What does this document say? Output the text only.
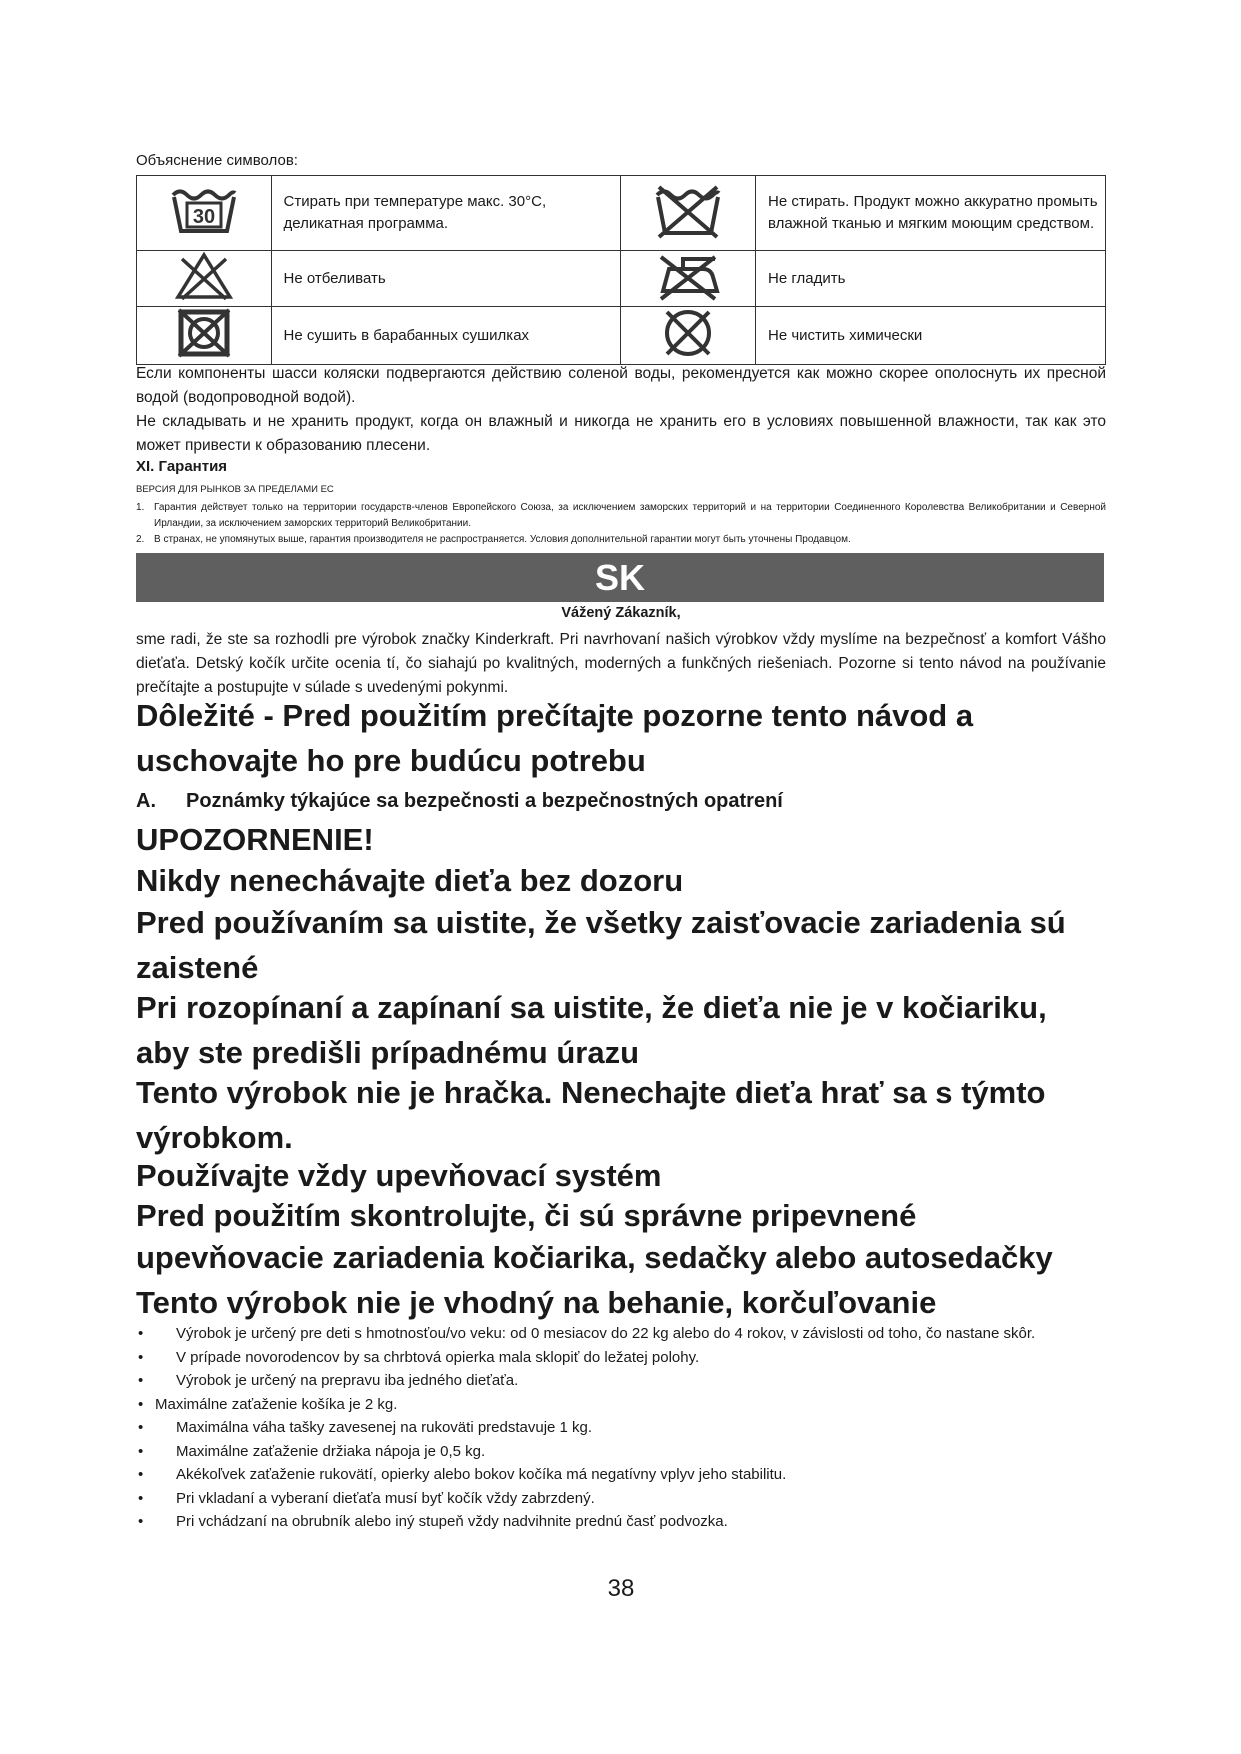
Объяснение символов:
30	Стирать при температуре макс. 30°C, деликатная программа.		Не стирать. Продукт можно аккуратно промыть влажной тканью и мягким моющим средством.
	Не отбеливать		Не гладить
	Не сушить в барабанных сушилках		Не чистить химически

Если компоненты шасси коляски подвергаются действию соленой воды, рекомендуется как можно скорее ополоснуть их пресной водой (водопроводной водой).

Не складывать и не хранить продукт, когда он влажный и никогда не хранить его в условиях повышенной влажности, так как это может привести к образованию плесени.

XI. Гарантия
ВЕРСИЯ ДЛЯ РЫНКОВ ЗА ПРЕДЕЛАМИ ЕС
1. Гарантия действует только на территории государств-членов Европейского Союза, за исключением заморских территорий и на территории Соединенного Королевства Великобритании и Северной Ирландии, за исключением заморских территорий Великобритании.
2. В странах, не упомянутых выше, гарантия производителя не распространяется. Условия дополнительной гарантии могут быть уточнены Продавцом.
SK
Vážený Zákazník,
sme radi, že ste sa rozhodli pre výrobok značky Kinderkraft. Pri navrhovaní našich výrobkov vždy myslíme na bezpečnosť a komfort Vášho dieťaťa. Detský kočík určite ocenia tí, čo siahajú po kvalitných, moderných a funkčných riešeniach. Pozorne si tento návod na používanie prečítajte a postupujte v súlade s uvedenými pokynmi.
Dôležité - Pred použitím prečítajte pozorne tento návod a uschovajte ho pre budúcu potrebu
A. Poznámky týkajúce sa bezpečnosti a bezpečnostných opatrení
UPOZORNENIE!
Nikdy nenechávajte dieťa bez dozoru
Pred používaním sa uistite, že všetky zaisťovacie zariadenia sú zaistené
Pri rozopínaní a zapínaní sa uistite, že dieťa nie je v kočiariku, aby ste predišli prípadnému úrazu
Tento výrobok nie je hračka. Nenechajte dieťa hrať sa s týmto výrobkom.
Používajte vždy upevňovací systém
Pred použitím skontrolujte, či sú správne pripevnené upevňovacie zariadenia kočiarika, sedačky alebo autosedačky
Tento výrobok nie je vhodný na behanie, korčuľovanie
• Výrobok je určený pre deti s hmotnosťou/vo veku: od 0 mesiacov do 22 kg alebo do 4 rokov, v závislosti od toho, čo nastane skôr.
• V prípade novorodencov by sa chrbtová opierka mala sklopiť do ležatej polohy.
• Výrobok je určený na prepravu iba jedného dieťaťa.
• Maximálne zaťaženie košíka je 2 kg.
• Maximálna váha tašky zavesenej na rukoväti predstavuje 1 kg.
• Maximálne zaťaženie držiaka nápoja je 0,5 kg.
• Akékoľvek zaťaženie rukovätí, opierky alebo bokov kočíka má negatívny vplyv jeho stabilitu.
• Pri vkladaní a vyberaní dieťaťa musí byť kočík vždy zabrzdený.
• Pri vchádzaní na obrubník alebo iný stupeň vždy nadvihnite prednú časť podvozka.
38
